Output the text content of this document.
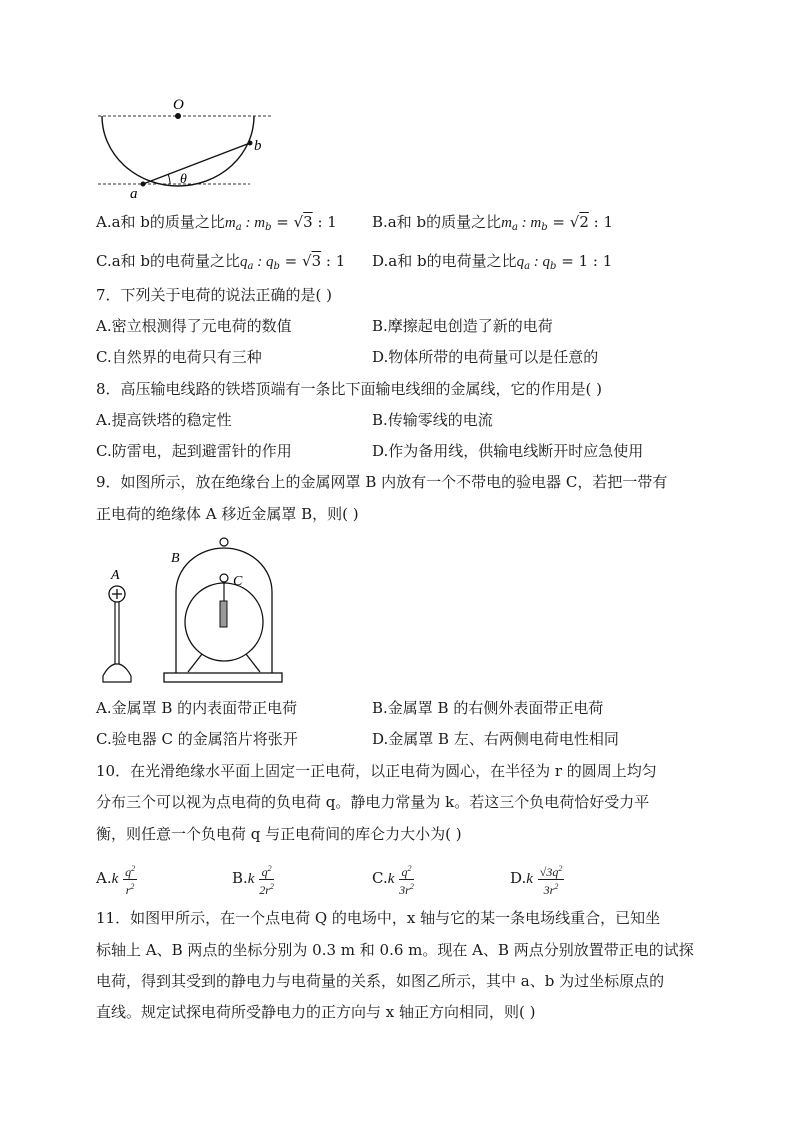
O
b
a
θ
A.a和 b的质量之比$m_a$ : $m_b = √3$ : 1 B.a和 b的质量之比$m_a$ : $m_b = √2$ : 1
C.a和 b的电荷量之比$q_a$ : $q_b = √3$ : 1 D.a和 b的电荷量之比$q_a$ : $q_b = 1$ : 1
7．下列关于电荷的说法正确的是( )
A.密立根测得了元电荷的数值	B.摩擦起电创造了新的电荷
C.自然界的电荷只有三种	D.物体所带的电荷量可以是任意的
8．高压输电线路的铁塔顶端有一条比下面输电线细的金属线，它的作用是( )
A.提高铁塔的稳定性	B.传输零线的电流
C.防雷电，起到避雷针的作用	D.作为备用线，供输电线断开时应急使用
9．如图所示，放在绝缘台上的金属网罩 B 内放有一个不带电的验电器 C，若把一带有
正电荷的绝缘体 A 移近金属罩 B，则( )
A
B
C
A.金属罩 B 的内表面带正电荷	B.金属罩 B 的右侧外表面带正电荷
C.验电器 C 的金属箔片将张开	D.金属罩 B 左、右两侧电荷电性相同
10．在光滑绝缘水平面上固定一正电荷，以正电荷为圆心，在半径为 r 的圆周上均匀
分布三个可以视为点电荷的负电荷 q。静电力常量为 k。若这三个负电荷恰好受力平
衡，则任意一个负电荷 q 与正电荷间的库仑力大小为( )
$A.k \frac{q^2}{r^2}$	$B.k \frac{q^2}{2r^2}$	$C.k \frac{q^2}{3r^2}$	$D.k \frac{√3q^2}{3r^2}$
11．如图甲所示，在一个点电荷 Q 的电场中，x 轴与它的某一条电场线重合，已知坐
标轴上 A、B 两点的坐标分别为 0.3 m 和 0.6 m。现在 A、B 两点分别放置带正电的试探
电荷，得到其受到的静电力与电荷量的关系，如图乙所示，其中 a、b 为过坐标原点的
直线。规定试探电荷所受静电力的正方向与 x 轴正方向相同，则( )
